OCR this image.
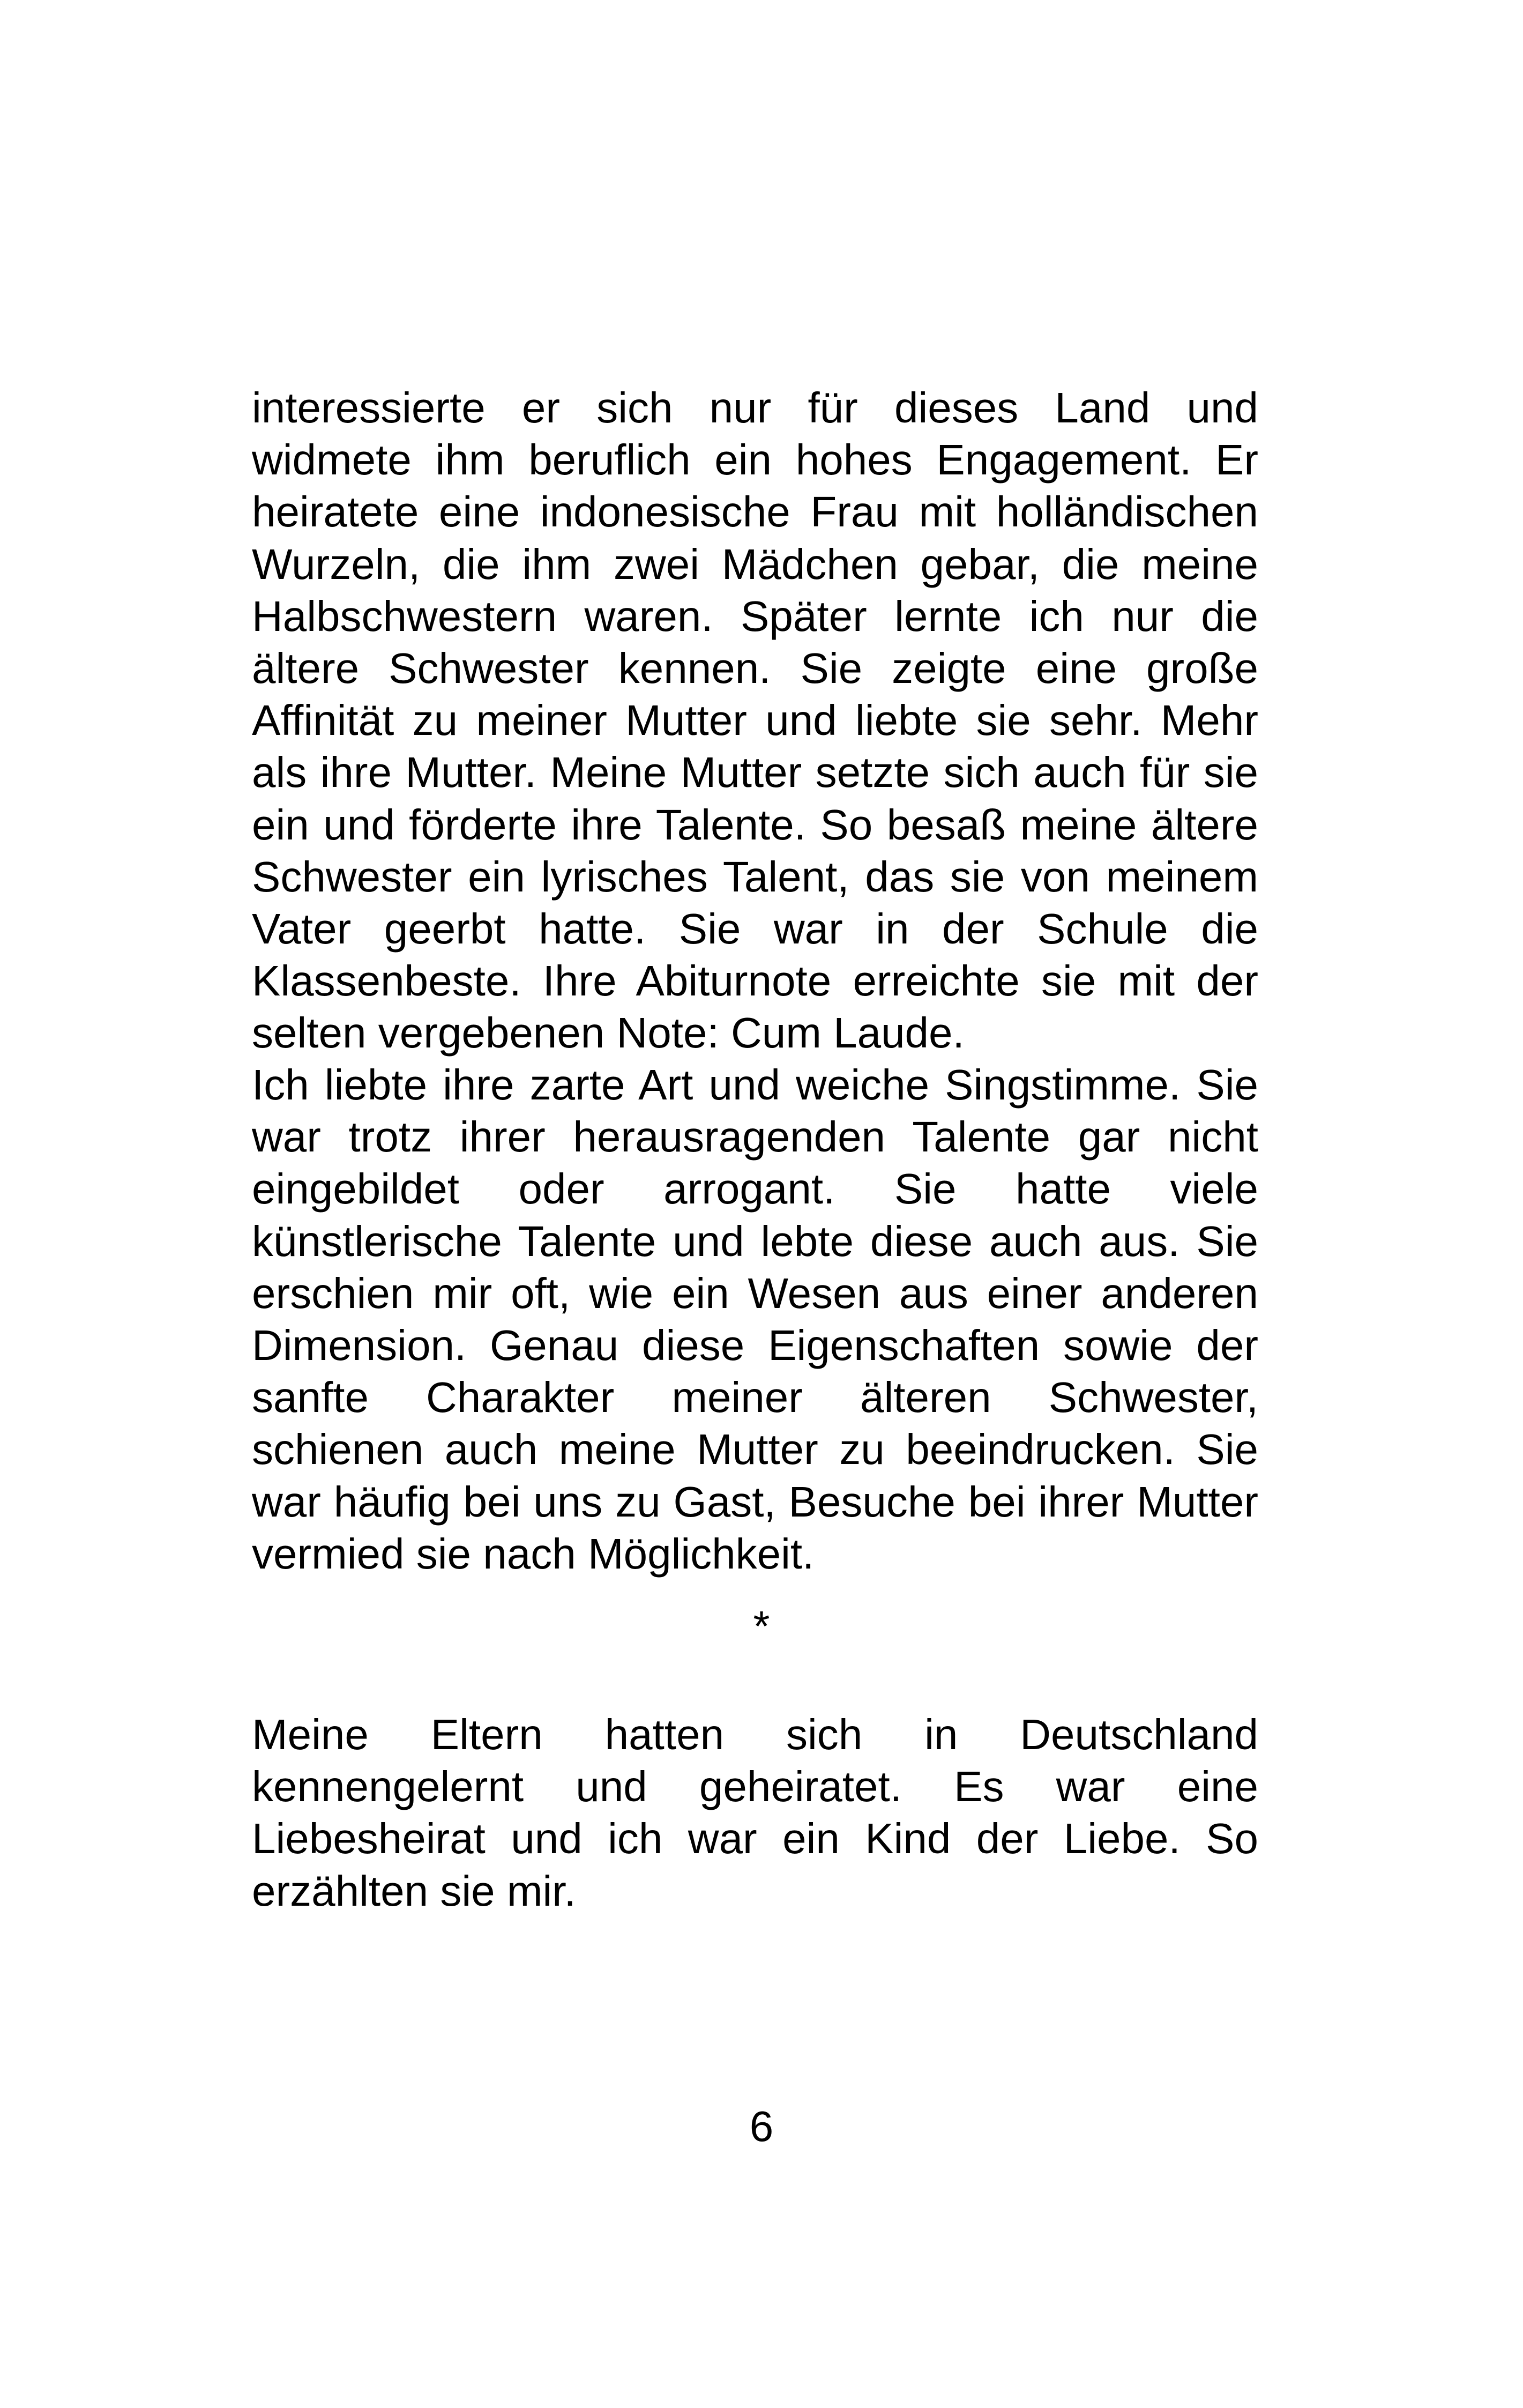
interessierte er sich nur für dieses Land und
widmete ihm beruflich ein hohes Engagement. Er
heiratete eine indonesische Frau mit holländischen
Wurzeln, die ihm zwei Mädchen gebar, die meine
Halbschwestern waren. Später lernte ich nur die
ältere Schwester kennen. Sie zeigte eine große
Affinität zu meiner Mutter und liebte sie sehr. Mehr
als ihre Mutter. Meine Mutter setzte sich auch für sie
ein und förderte ihre Talente. So besaß meine ältere
Schwester ein lyrisches Talent, das sie von meinem
Vater geerbt hatte. Sie war in der Schule die
Klassenbeste. Ihre Abiturnote erreichte sie mit der
selten vergebenen Note: Cum Laude.
Ich liebte ihre zarte Art und weiche Singstimme. Sie
war trotz ihrer herausragenden Talente gar nicht
eingebildet oder arrogant. Sie hatte viele
künstlerische Talente und lebte diese auch aus. Sie
erschien mir oft, wie ein Wesen aus einer anderen
Dimension. Genau diese Eigenschaften sowie der
sanfte Charakter meiner älteren Schwester,
schienen auch meine Mutter zu beeindrucken. Sie
war häufig bei uns zu Gast, Besuche bei ihrer Mutter
vermied sie nach Möglichkeit.
*
Meine Eltern hatten sich in Deutschland
kennengelernt und geheiratet. Es war eine
Liebesheirat und ich war ein Kind der Liebe. So
erzählten sie mir.
6
